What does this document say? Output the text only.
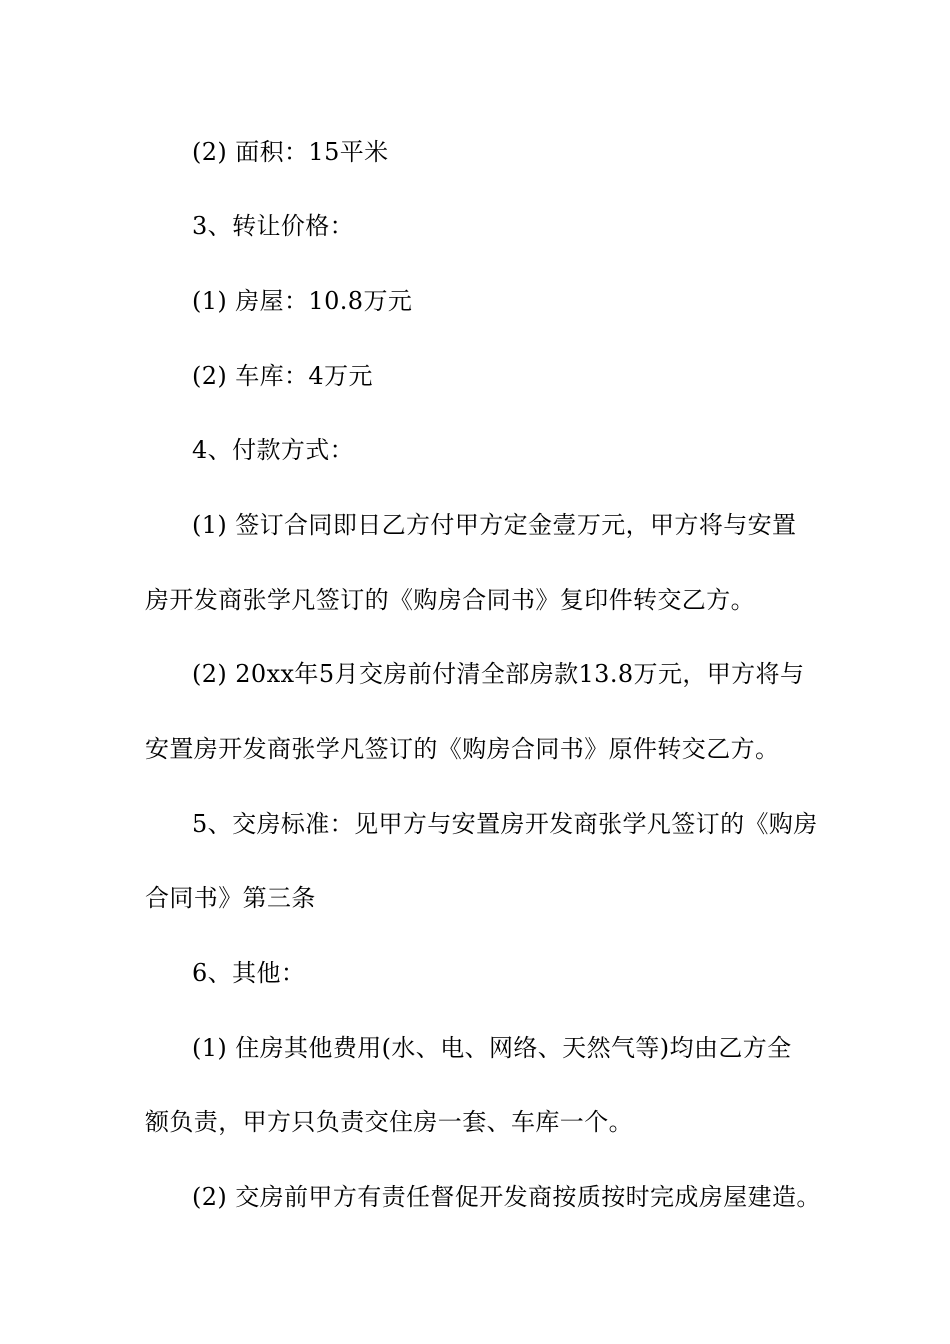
(2) 面积：15平米
3、转让价格：
(1) 房屋：10.8万元
(2) 车库：4万元
4、付款方式：
(1) 签订合同即日乙方付甲方定金壹万元，甲方将与安置
房开发商张学凡签订的《购房合同书》复印件转交乙方。
(2) 20xx年5月交房前付清全部房款13.8万元，甲方将与
安置房开发商张学凡签订的《购房合同书》原件转交乙方。
5、交房标准：见甲方与安置房开发商张学凡签订的《购房
合同书》第三条
6、其他：
(1) 住房其他费用(水、电、网络、天然气等)均由乙方全
额负责，甲方只负责交住房一套、车库一个。
(2) 交房前甲方有责任督促开发商按质按时完成房屋建造。
